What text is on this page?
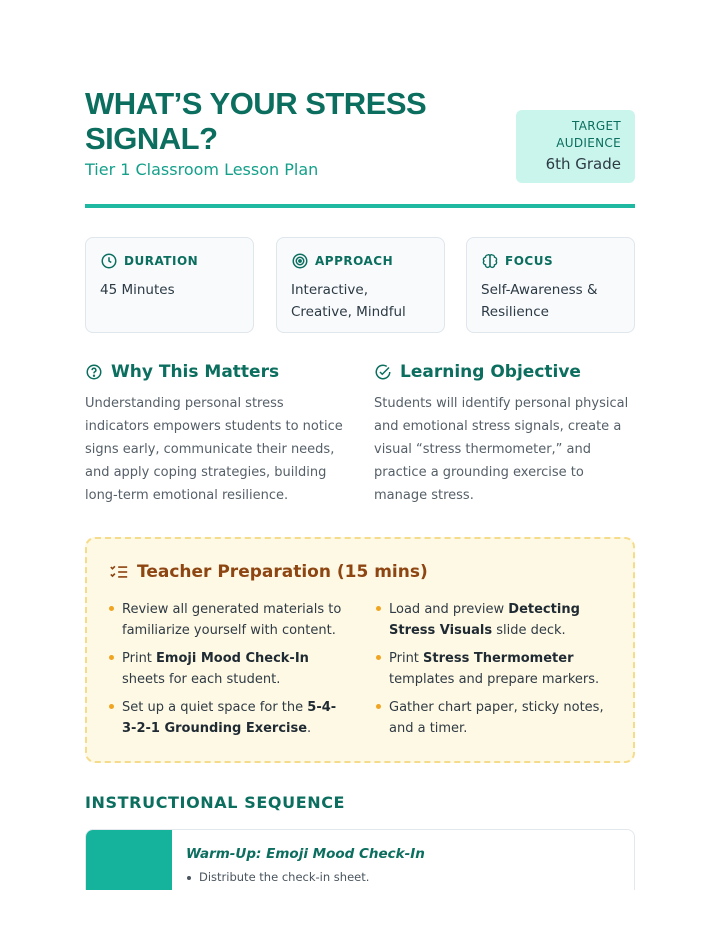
WHAT’S YOUR STRESS SIGNAL?
Tier 1 Classroom Lesson Plan
TARGET AUDIENCE
6th Grade
DURATION
45 Minutes
APPROACH
Interactive, Creative, Mindful
FOCUS
Self-Awareness & Resilience
Why This Matters

Understanding personal stress indicators empowers students to notice signs early, communicate their needs, and apply coping strategies, building long-term emotional resilience.

Learning Objective

Students will identify personal physical and emotional stress signals, create a visual “stress thermometer,” and practice a grounding exercise to manage stress.

Teacher Preparation (15 mins)
Review all generated materials to familiarize yourself with content.
Print Emoji Mood Check-In sheets for each student.
Set up a quiet space for the 5-4-3-2-1 Grounding Exercise.
Load and preview Detecting Stress Visuals slide deck.
Print Stress Thermometer templates and prepare markers.
Gather chart paper, sticky notes, and a timer.
INSTRUCTIONAL SEQUENCE
Warm-Up: Emoji Mood Check-In
Distribute the check-in sheet.
